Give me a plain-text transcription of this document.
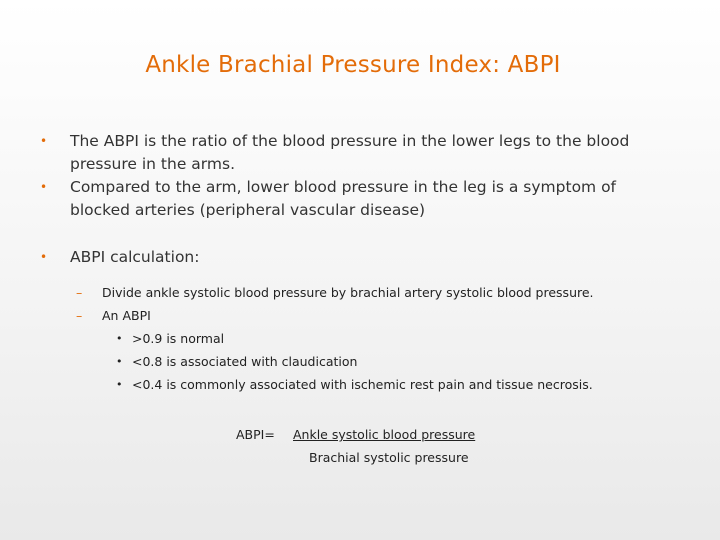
Ankle Brachial Pressure Index: ABPI
• The ABPI is the ratio of the blood pressure in the lower legs to the blood pressure in the arms.
• Compared to the arm, lower blood pressure in the leg is a symptom of blocked arteries (peripheral vascular disease)
• ABPI calculation:
– Divide ankle systolic blood pressure by brachial artery systolic blood pressure.
– An ABPI
• >0.9 is normal
• <0.8 is associated with claudication
• <0.4 is commonly associated with ischemic rest pain and tissue necrosis.
ABPI= Ankle systolic blood pressure
Brachial systolic pressure
